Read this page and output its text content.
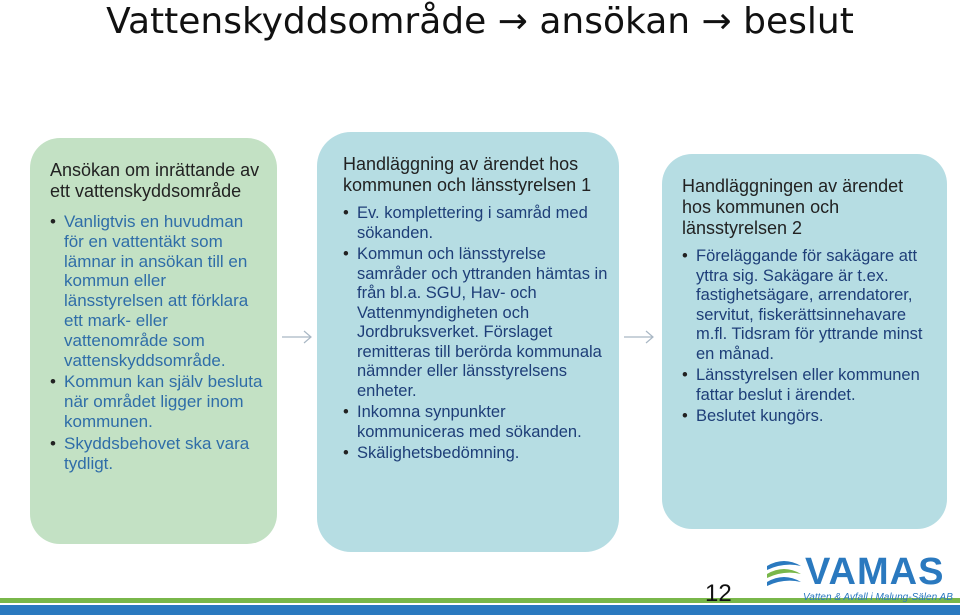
Vattenskyddsområde → ansökan → beslut
Ansökan om inrättande av ett vattenskyddsområde
• Vanligtvis en huvudman för en vattentäkt som lämnar in ansökan till en kommun eller länsstyrelsen att förklara ett mark- eller vattenområde som vattenskyddsområde.
• Kommun kan själv besluta när området ligger inom kommunen.
• Skyddsbehovet ska vara tydligt.
Handläggning av ärendet hos kommunen och länsstyrelsen 1
• Ev. komplettering i samråd med sökanden.
• Kommun och länsstyrelse samråder och yttranden hämtas in från bl.a. SGU, Hav- och Vattenmyndigheten och Jordbruksverket. Förslaget remitteras till berörda kommunala nämnder eller länsstyrelsens enheter.
• Inkomna synpunkter kommuniceras med sökanden.
• Skälighetsbedömning.
Handläggningen av ärendet hos kommunen och länsstyrelsen 2
• Föreläggande för sakägare att yttra sig. Sakägare är t.ex. fastighetsägare, arrendatorer, servitut, fiskerättsinnehavare m.fl. Tidsram för yttrande minst en månad.
• Länsstyrelsen eller kommunen fattar beslut i ärendet.
• Beslutet kungörs.
12
VAMAS
Vatten & Avfall i Malung-Sälen AB
